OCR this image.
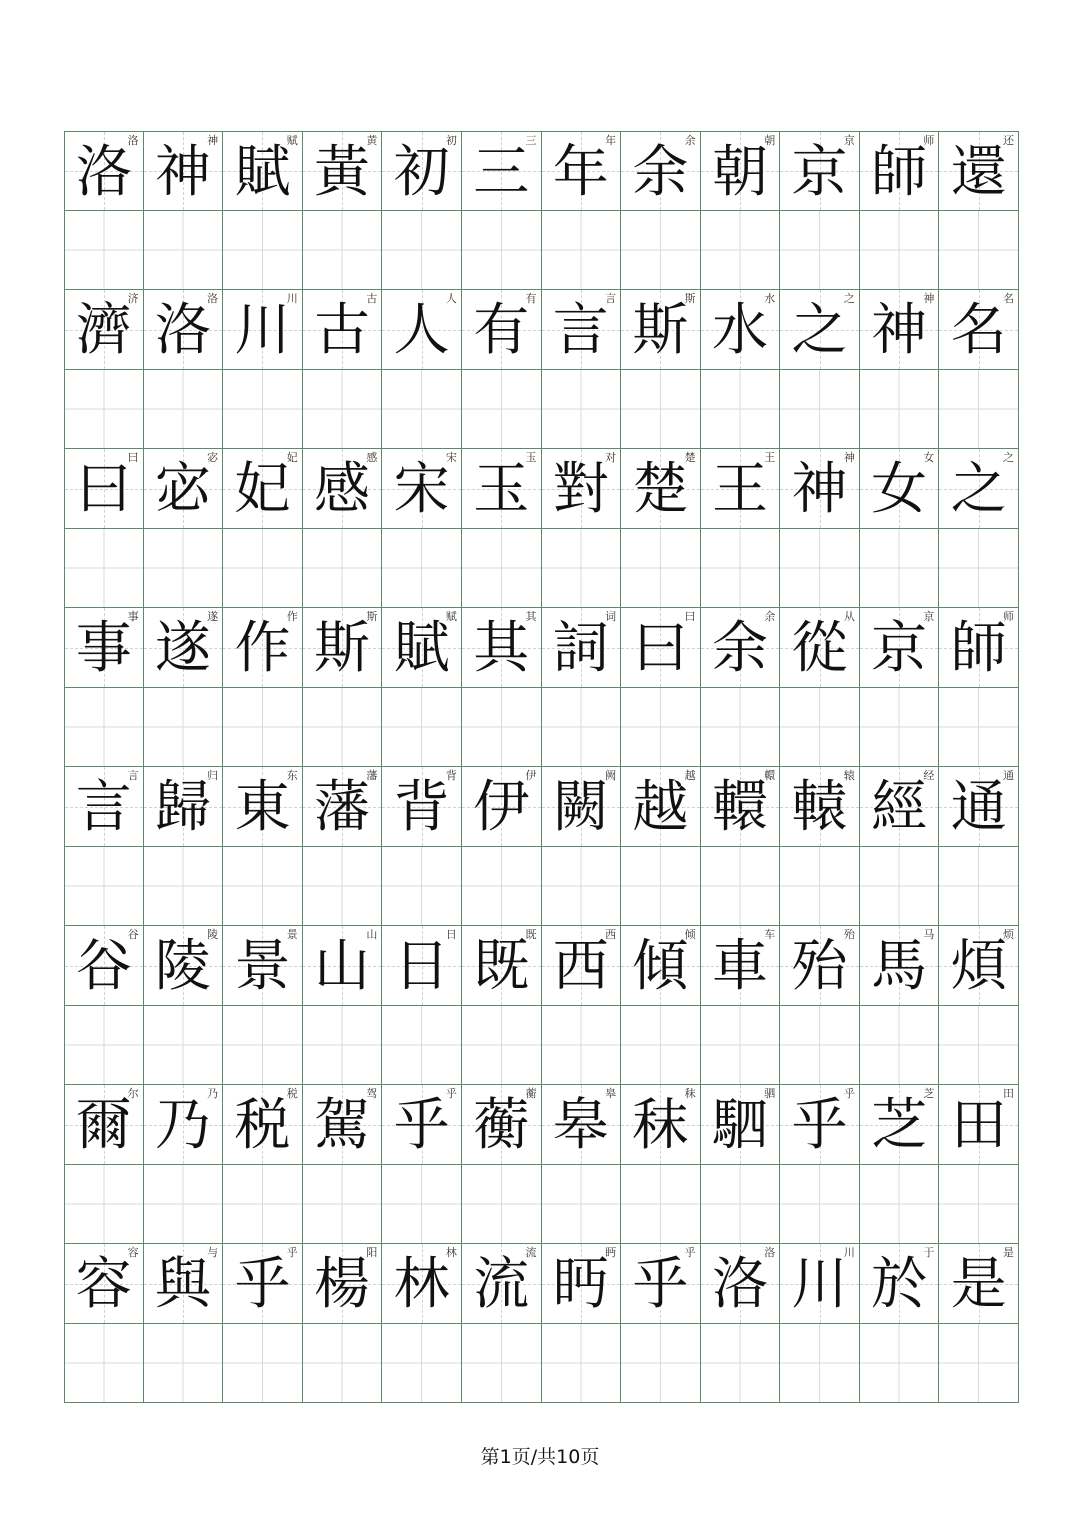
洛
洛 神
神 賦
赋 黃
黄 初
初 三
三 年
年 余
余 朝
朝 京
京 師
师 還
还
濟
济 洛
洛 川
川 古
古 人
人 有
有 言
言 斯
斯 水
水 之
之 神
神 名
名
曰
曰 宓
宓 妃
妃 感
感 宋
宋 玉
玉 對
对 楚
楚 王
王 神
神 女
女 之
之
事
事 遂
遂 作
作 斯
斯 賦
赋 其
其 詞
词 曰
曰 余
余 從
从 京
京 師
师
言
言 歸
归 東
东 藩
藩 背
背 伊
伊 闕
阙 越
越 轘
轘 轅
辕 經
经 通
通
谷
谷 陵
陵 景
景 山
山 日
日 既
既 西
西 傾
倾 車
车 殆
殆 馬
马 煩
烦
爾
尔 乃
乃 税
税 駕
驾 乎
乎 蘅
蘅 皋
皋 秣
秣 駟
驷 乎
乎 芝
芝 田
田
容
容 與
与 乎
乎 楊
阳 林
林 流
流 眄
眄 乎
乎 洛
洛 川
川 於
于 是
是
第1页/共10页
